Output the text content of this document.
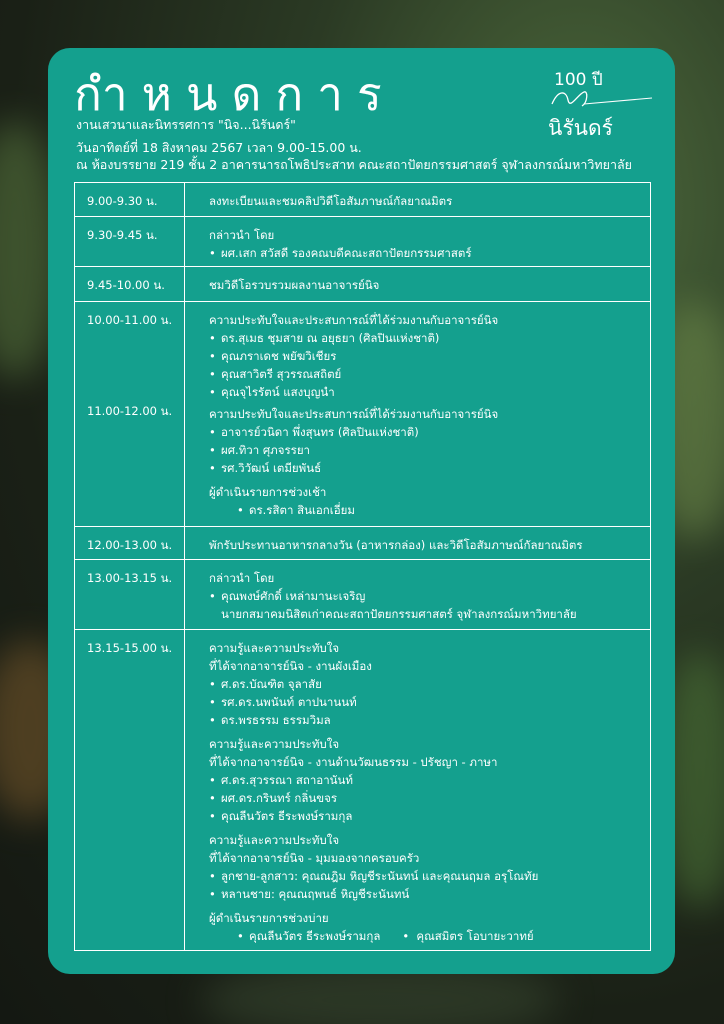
กำหนดการ
งานเสวนาและนิทรรศการ "นิจ...นิรันดร์"
วันอาทิตย์ที่ 18 สิงหาคม 2567 เวลา 9.00-15.00 น.
ณ ห้องบรรยาย 219 ชั้น 2 อาคารนารถโพธิประสาท คณะสถาปัตยกรรมศาสตร์ จุฬาลงกรณ์มหาวิทยาลัย
100 ปี
นิรันดร์
9.00-9.30 น.	ลงทะเบียนและชมคลิปวิดีโอสัมภาษณ์กัลยาณมิตร
9.30-9.45 น.	กล่าวนำ โดย
• ผศ.เสก สวัสดี รองคณบดีคณะสถาปัตยกรรมศาสตร์
9.45-10.00 น.	ชมวิดีโอรวบรวมผลงานอาจารย์นิจ
10.00-11.00 น.
11.00-12.00 น.
ความประทับใจและประสบการณ์ที่ได้ร่วมงานกับอาจารย์นิจ
• ดร.สุเมธ ชุมสาย ณ อยุธยา (ศิลปินแห่งชาติ)
• คุณภราเดช พยัฆวิเชียร
• คุณสาวิตรี สุวรรณสถิตย์
• คุณจุไรรัตน์ แสงบุญนำ
ความประทับใจและประสบการณ์ที่ได้ร่วมงานกับอาจารย์นิจ
• อาจารย์วนิดา พึ่งสุนทร (ศิลปินแห่งชาติ)
• ผศ.ทิวา ศุภจรรยา
• รศ.วิวัฒน์ เตมียพันธ์
ผู้ดำเนินรายการช่วงเช้า
• ดร.รสิตา สินเอกเอี่ยม
12.00-13.00 น.	พักรับประทานอาหารกลางวัน (อาหารกล่อง) และวิดีโอสัมภาษณ์กัลยาณมิตร
13.00-13.15 น.	กล่าวนำ โดย
• คุณพงษ์ศักดิ์ เหล่ามานะเจริญ
นายกสมาคมนิสิตเก่าคณะสถาปัตยกรรมศาสตร์ จุฬาลงกรณ์มหาวิทยาลัย
13.15-15.00 น.	ความรู้และความประทับใจ
ที่ได้จากอาจารย์นิจ - งานผังเมือง
• ศ.ดร.บัณฑิต จุลาสัย
• รศ.ดร.นพนันท์ ตาปนานนท์
• ดร.พรธรรม ธรรมวิมล
ความรู้และความประทับใจ
ที่ได้จากอาจารย์นิจ - งานด้านวัฒนธรรม - ปรัชญา - ภาษา
• ศ.ดร.สุวรรณา สถาอานันท์
• ผศ.ดร.กรินทร์ กลิ่นขจร
• คุณลีนวัตร ธีระพงษ์รามกุล
ความรู้และความประทับใจ
ที่ได้จากอาจารย์นิจ - มุมมองจากครอบครัว
• ลูกชาย-ลูกสาว: คุณณฎิม หิญชีระนันทน์ และคุณนฤมล อรุโณทัย
• หลานชาย: คุณณฤพนธ์ หิญชีระนันทน์
ผู้ดำเนินรายการช่วงบ่าย
• คุณลีนวัตร ธีระพงษ์รามกุล
•	คุณสมิตร โอบายะวาทย์
